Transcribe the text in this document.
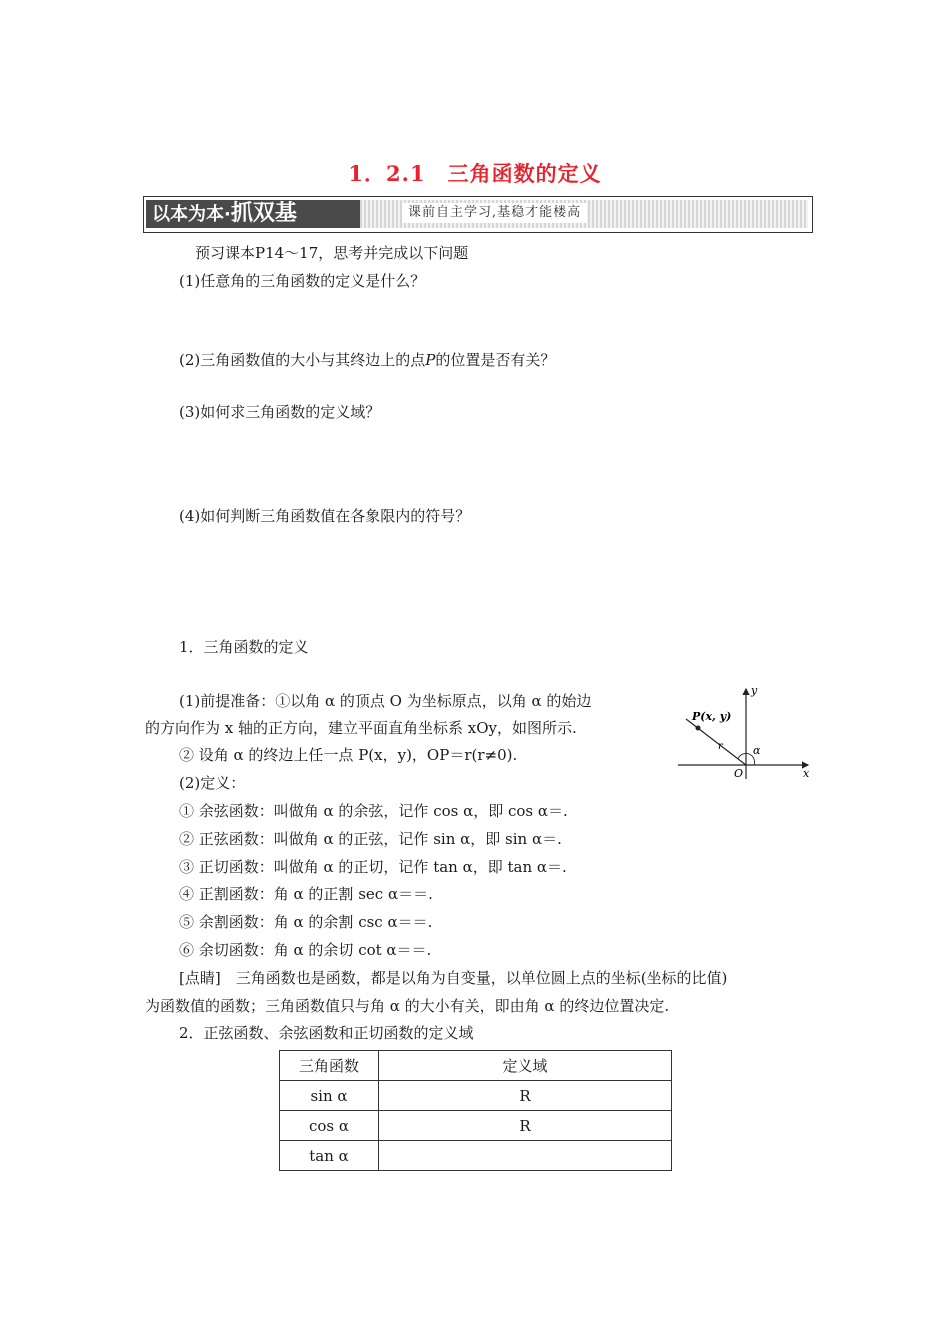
1．2.1　三角函数的定义
以本为本·抓双基	课前自主学习,基稳才能楼高
预习课本P14～17，思考并完成以下问题
(1)任意角的三角函数的定义是什么？
(2)三角函数值的大小与其终边上的点P的位置是否有关？
(3)如何求三角函数的定义域？
(4)如何判断三角函数值在各象限内的符号？
1．三角函数的定义
(1)前提准备：①以角 α 的顶点 O 为坐标原点，以角 α 的始边
的方向作为 x 轴的正方向，建立平面直角坐标系 xOy，如图所示.
② 设角 α 的终边上任一点 P(x，y)，OP＝r(r≠0).
(2)定义：
① 余弦函数：叫做角 α 的余弦，记作 cos α，即 cos α＝.
② 正弦函数：叫做角 α 的正弦，记作 sin α，即 sin α＝.
③ 正切函数：叫做角 α 的正切，记作 tan α，即 tan α＝.
④ 正割函数：角 α 的正割 sec α＝＝.
⑤ 余割函数：角 α 的余割 csc α＝＝.
⑥ 余切函数：角 α 的余切 cot α＝＝.
[点睛]　三角函数也是函数，都是以角为自变量，以单位圆上点的坐标(坐标的比值)
为函数值的函数；三角函数值只与角 α 的大小有关，即由角 α 的终边位置决定.
y
x
O
P(x, y)
r	α
2．正弦函数、余弦函数和正切函数的定义域
三角函数	定义域
sin α	R
cos α	R
tan α	
